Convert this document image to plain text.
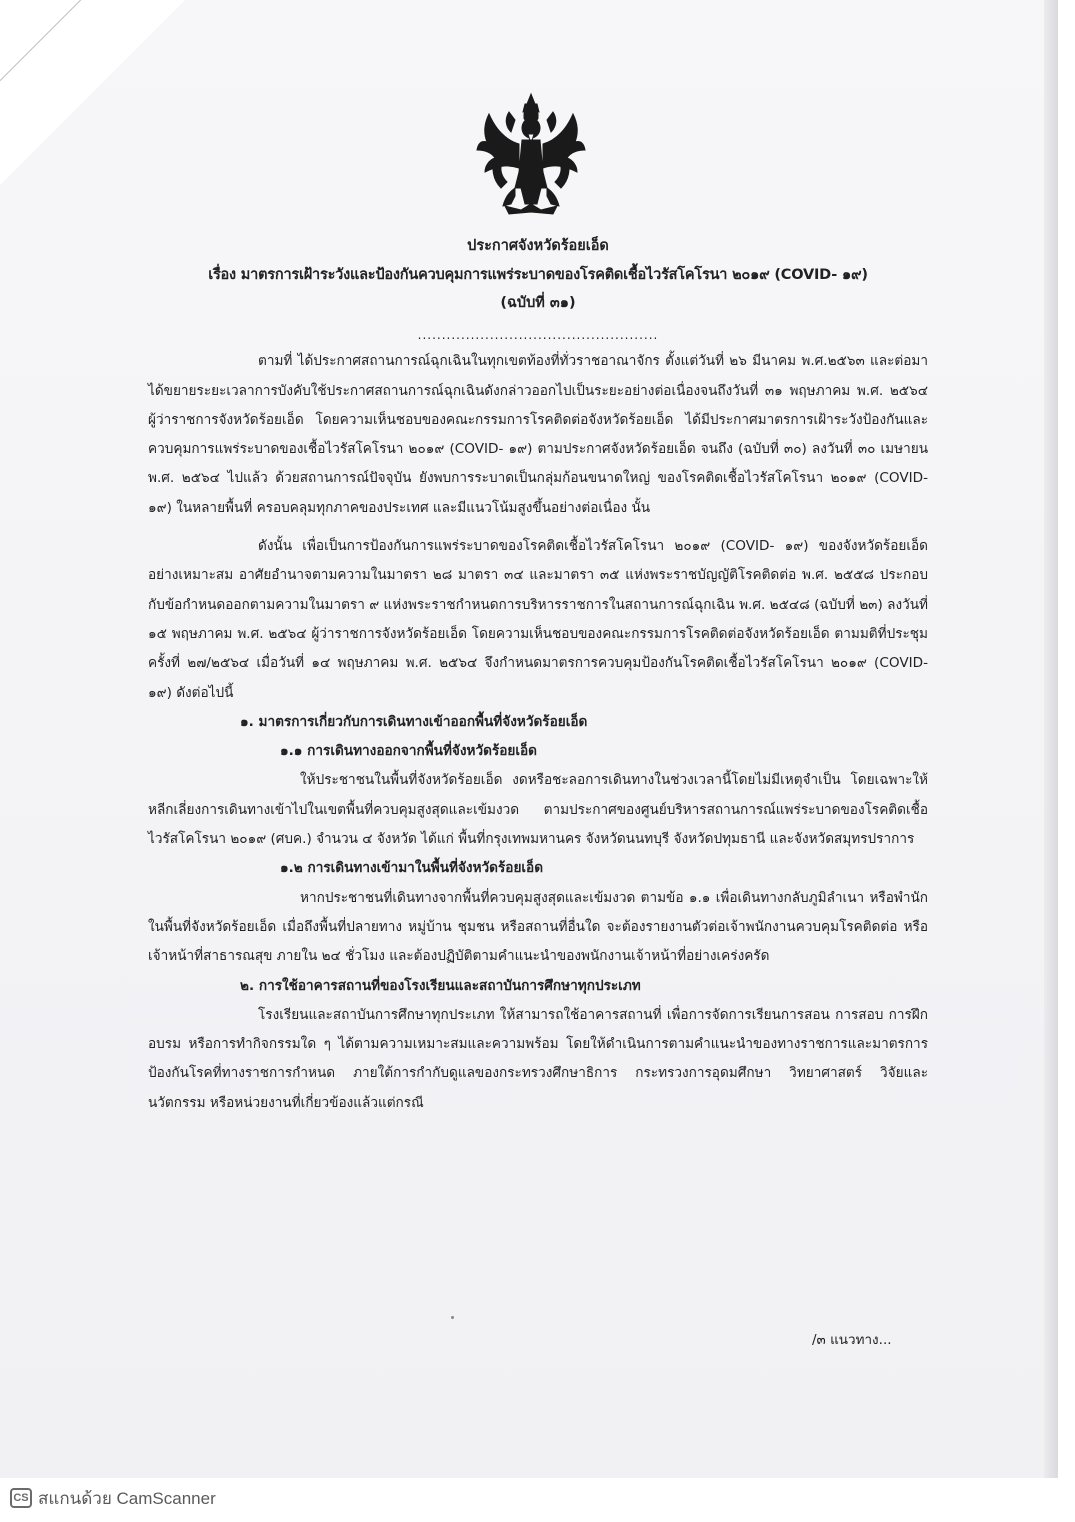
ประกาศจังหวัดร้อยเอ็ด
เรื่อง มาตรการเฝ้าระวังและป้องกันควบคุมการแพร่ระบาดของโรคติดเชื้อไวรัสโคโรนา ๒๐๑๙ (COVID- ๑๙)
(ฉบับที่ ๓๑)
..................................................

ตามที่ ได้ประกาศสถานการณ์ฉุกเฉินในทุกเขตท้องที่ทั่วราชอาณาจักร ตั้งแต่วันที่ ๒๖ มีนาคม พ.ศ.๒๕๖๓ และต่อมาได้ขยายระยะเวลาการบังคับใช้ประกาศสถานการณ์ฉุกเฉินดังกล่าวออกไปเป็นระยะอย่างต่อเนื่องจนถึงวันที่ ๓๑ พฤษภาคม พ.ศ. ๒๕๖๔ ผู้ว่าราชการจังหวัดร้อยเอ็ด โดยความเห็นชอบของคณะกรรมการโรคติดต่อจังหวัดร้อยเอ็ด ได้มีประกาศมาตรการเฝ้าระวังป้องกันและควบคุมการแพร่ระบาดของเชื้อไวรัสโคโรนา ๒๐๑๙ (COVID- ๑๙) ตามประกาศจังหวัดร้อยเอ็ด จนถึง (ฉบับที่ ๓๐) ลงวันที่ ๓๐ เมษายน พ.ศ. ๒๕๖๔ ไปแล้ว ด้วยสถานการณ์ปัจจุบัน ยังพบการระบาดเป็นกลุ่มก้อนขนาดใหญ่ ของโรคติดเชื้อไวรัสโคโรนา ๒๐๑๙ (COVID- ๑๙) ในหลายพื้นที่ ครอบคลุมทุกภาคของประเทศ และมีแนวโน้มสูงขึ้นอย่างต่อเนื่อง นั้น

ดังนั้น เพื่อเป็นการป้องกันการแพร่ระบาดของโรคติดเชื้อไวรัสโคโรนา ๒๐๑๙ (COVID- ๑๙) ของจังหวัดร้อยเอ็ด อย่างเหมาะสม อาศัยอำนาจตามความในมาตรา ๒๘ มาตรา ๓๔ และมาตรา ๓๕ แห่งพระราชบัญญัติโรคติดต่อ พ.ศ. ๒๕๕๘ ประกอบกับข้อกำหนดออกตามความในมาตรา ๙ แห่งพระราชกำหนดการบริหารราชการในสถานการณ์ฉุกเฉิน พ.ศ. ๒๕๔๘ (ฉบับที่ ๒๓) ลงวันที่ ๑๕ พฤษภาคม พ.ศ. ๒๕๖๔ ผู้ว่าราชการจังหวัดร้อยเอ็ด โดยความเห็นชอบของคณะกรรมการโรคติดต่อจังหวัดร้อยเอ็ด ตามมติที่ประชุมครั้งที่ ๒๗/๒๕๖๔ เมื่อวันที่ ๑๔ พฤษภาคม พ.ศ. ๒๕๖๔ จึงกำหนดมาตรการควบคุมป้องกันโรคติดเชื้อไวรัสโคโรนา ๒๐๑๙ (COVID- ๑๙) ดังต่อไปนี้

๑. มาตรการเกี่ยวกับการเดินทางเข้าออกพื้นที่จังหวัดร้อยเอ็ด
๑.๑ การเดินทางออกจากพื้นที่จังหวัดร้อยเอ็ด

ให้ประชาชนในพื้นที่จังหวัดร้อยเอ็ด งดหรือชะลอการเดินทางในช่วงเวลานี้โดยไม่มีเหตุจำเป็น โดยเฉพาะให้หลีกเลี่ยงการเดินทางเข้าไปในเขตพื้นที่ควบคุมสูงสุดและเข้มงวด ตามประกาศของศูนย์บริหารสถานการณ์แพร่ระบาดของโรคติดเชื้อไวรัสโคโรนา ๒๐๑๙ (ศบค.) จำนวน ๔ จังหวัด ได้แก่ พื้นที่กรุงเทพมหานคร จังหวัดนนทบุรี จังหวัดปทุมธานี และจังหวัดสมุทรปราการ

๑.๒ การเดินทางเข้ามาในพื้นที่จังหวัดร้อยเอ็ด

หากประชาชนที่เดินทางจากพื้นที่ควบคุมสูงสุดและเข้มงวด ตามข้อ ๑.๑ เพื่อเดินทางกลับภูมิลำเนา หรือพำนักในพื้นที่จังหวัดร้อยเอ็ด เมื่อถึงพื้นที่ปลายทาง หมู่บ้าน ชุมชน หรือสถานที่อื่นใด จะต้องรายงานตัวต่อเจ้าพนักงานควบคุมโรคติดต่อ หรือเจ้าหน้าที่สาธารณสุข ภายใน ๒๔ ชั่วโมง และต้องปฏิบัติตามคำแนะนำของพนักงานเจ้าหน้าที่อย่างเคร่งครัด

๒. การใช้อาคารสถานที่ของโรงเรียนและสถาบันการศึกษาทุกประเภท

โรงเรียนและสถาบันการศึกษาทุกประเภท ให้สามารถใช้อาคารสถานที่ เพื่อการจัดการเรียนการสอน การสอบ การฝึกอบรม หรือการทำกิจกรรมใด ๆ ได้ตามความเหมาะสมและความพร้อม โดยให้ดำเนินการตามคำแนะนำของทางราชการและมาตรการป้องกันโรคที่ทางราชการกำหนด ภายใต้การกำกับดูแลของกระทรวงศึกษาธิการ กระทรวงการอุดมศึกษา วิทยาศาสตร์ วิจัยและนวัตกรรม หรือหน่วยงานที่เกี่ยวข้องแล้วแต่กรณี

/๓ แนวทาง...
CS สแกนด้วย CamScanner
